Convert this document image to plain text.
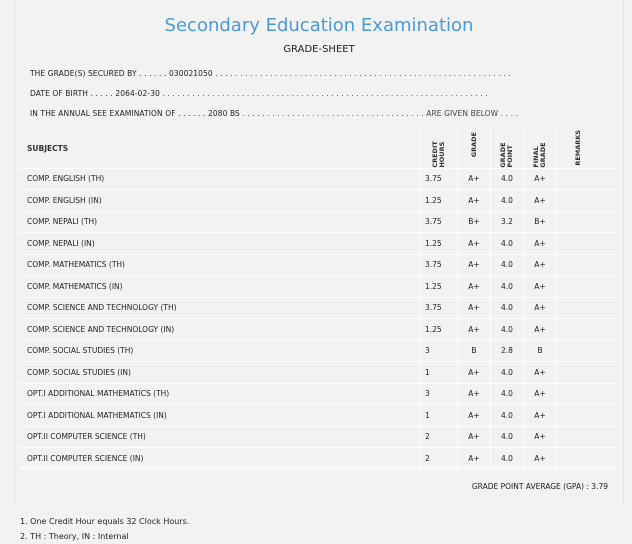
Secondary Education Examination
GRADE-SHEET
THE GRADE(S) SECURED BY . . . . . . 030021050 . . . . . . . . . . . . . . . . . . . . . . . . . . . . . . . . . . . . . . . . . . . . . . . . . . . . . . . . . . . .
DATE OF BIRTH . . . . . 2064-02-30 . . . . . . . . . . . . . . . . . . . . . . . . . . . . . . . . . . . . . . . . . . . . . . . . . . . . . . . . . . . . . . . . . .
IN THE ANNUAL SEE EXAMINATION OF . . . . . . 2080 BS . . . . . . . . . . . . . . . . . . . . . . . . . . . . . . . . . . . . . ARE GIVEN BELOW . . . .
SUBJECTS	CREDIT HOURS	GRADE	GRADE POINT	FINAL GRADE	REMARKS
COMP. ENGLISH (TH)	3.75	A+	4.0	A+	
COMP. ENGLISH (IN)	1.25	A+	4.0	A+	
COMP. NEPALI (TH)	3.75	B+	3.2	B+	
COMP. NEPALI (IN)	1.25	A+	4.0	A+	
COMP. MATHEMATICS (TH)	3.75	A+	4.0	A+	
COMP. MATHEMATICS (IN)	1.25	A+	4.0	A+	
COMP. SCIENCE AND TECHNOLOGY (TH)	3.75	A+	4.0	A+	
COMP. SCIENCE AND TECHNOLOGY (IN)	1.25	A+	4.0	A+	
COMP. SOCIAL STUDIES (TH)	3	B	2.8	B	
COMP. SOCIAL STUDIES (IN)	1	A+	4.0	A+	
OPT.I ADDITIONAL MATHEMATICS (TH)	3	A+	4.0	A+	
OPT.I ADDITIONAL MATHEMATICS (IN)	1	A+	4.0	A+	
OPT.II COMPUTER SCIENCE (TH)	2	A+	4.0	A+	
OPT.II COMPUTER SCIENCE (IN)	2	A+	4.0	A+	
GRADE POINT AVERAGE (GPA) : 3.79
1. One Credit Hour equals 32 Clock Hours.
2. TH : Theory, IN : Internal
